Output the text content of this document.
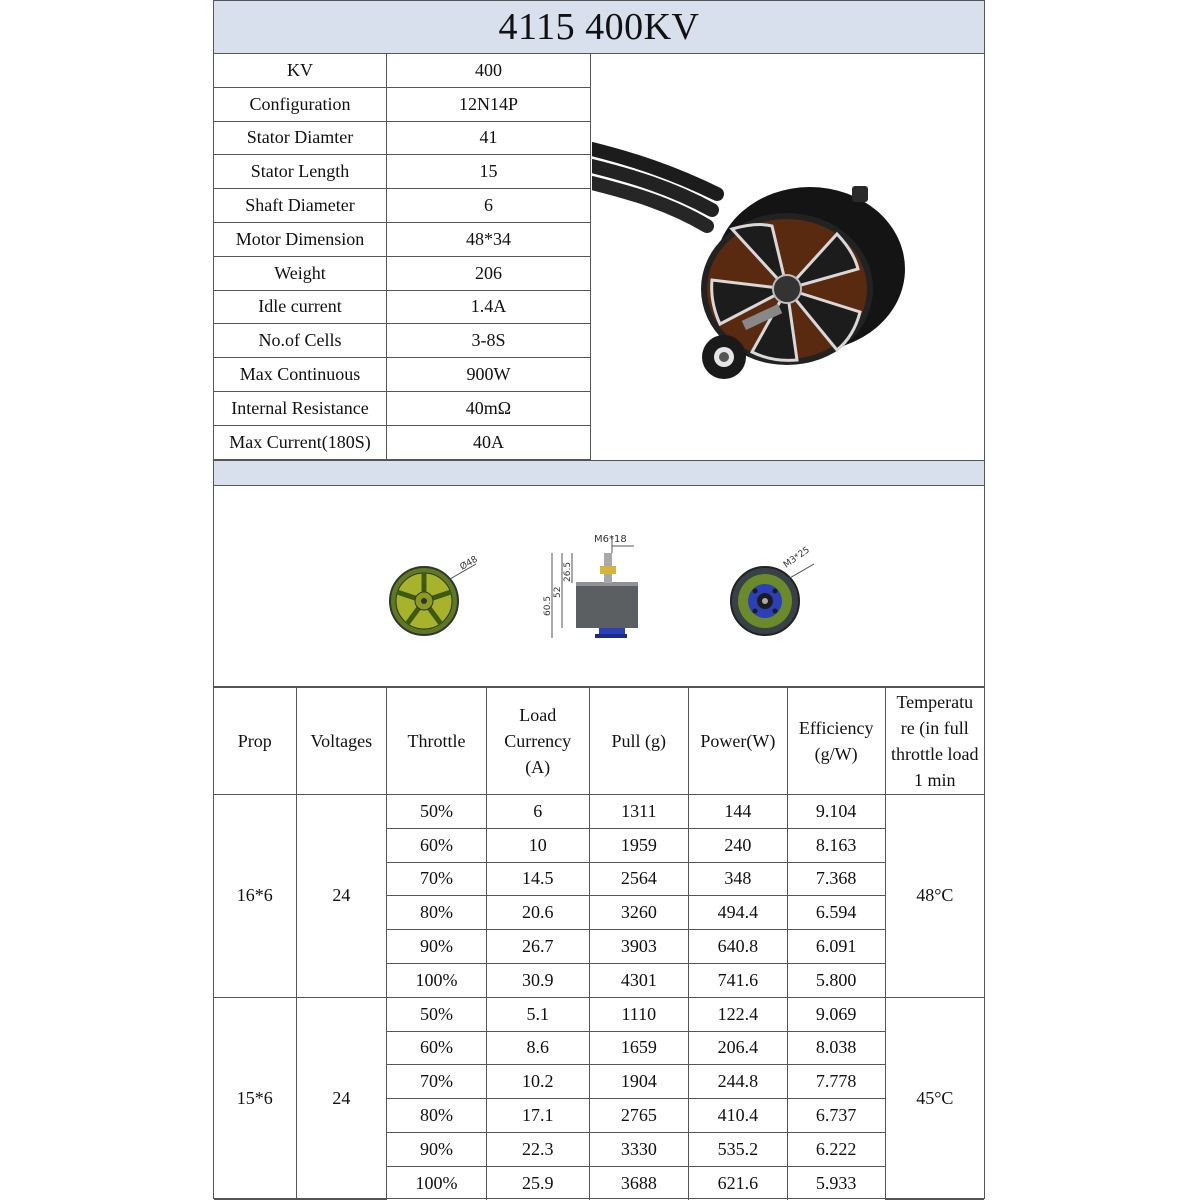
4115 400KV
KV	400
Configuration	12N14P
Stator Diamter	41
Stator Length	15
Shaft Diameter	6
Motor Dimension	48*34
Weight	206
Idle current	1.4A
No.of Cells	3-8S
Max Continuous	900W
Internal Resistance	40mΩ
Max Current(180S)	40A
Ø48
M6*18
26.5
52
60.5
M3*25
Prop	Voltages	Throttle	Load Currency (A)	Pull (g)	Power(W)	Efficiency (g/W)	Temperatu re (in full throttle load 1 min
16*6	24	50%	6	1311	144	9.104	48°C
		60%	10	1959	240	8.163	
		70%	14.5	2564	348	7.368	
		80%	20.6	3260	494.4	6.594	
		90%	26.7	3903	640.8	6.091	
		100%	30.9	4301	741.6	5.800	
15*6	24	50%	5.1	1110	122.4	9.069	45°C
		60%	8.6	1659	206.4	8.038	
		70%	10.2	1904	244.8	7.778	
		80%	17.1	2765	410.4	6.737	
		90%	22.3	3330	535.2	6.222	
		100%	25.9	3688	621.6	5.933	
